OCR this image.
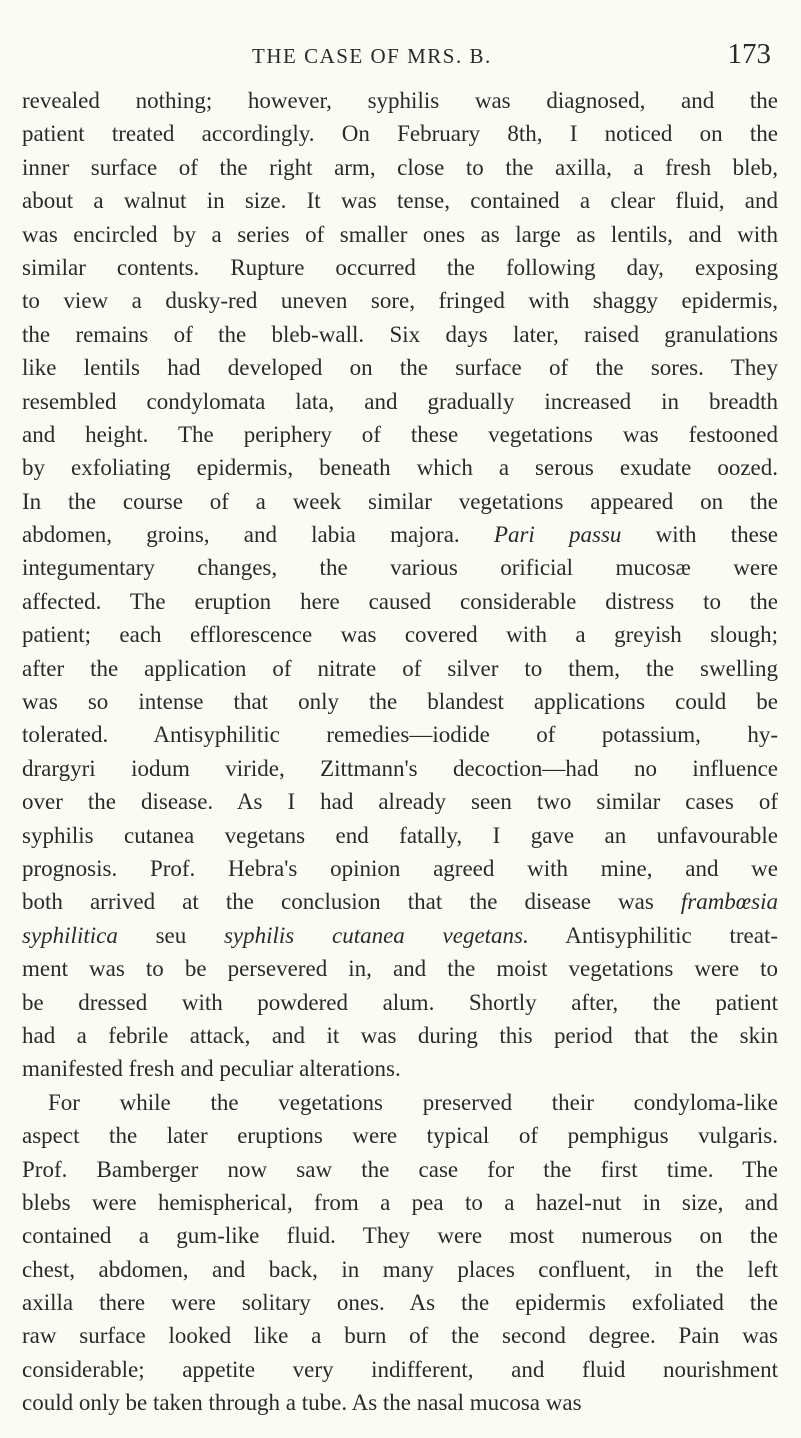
THE CASE OF MRS. B.	173
revealed nothing; however, syphilis was diagnosed, and the
patient treated accordingly. On February 8th, I noticed on the
inner surface of the right arm, close to the axilla, a fresh bleb,
about a walnut in size. It was tense, contained a clear fluid, and
was encircled by a series of smaller ones as large as lentils, and with
similar contents. Rupture occurred the following day, exposing
to view a dusky-red uneven sore, fringed with shaggy epidermis,
the remains of the bleb-wall. Six days later, raised granulations
like lentils had developed on the surface of the sores. They
resembled condylomata lata, and gradually increased in breadth
and height. The periphery of these vegetations was festooned
by exfoliating epidermis, beneath which a serous exudate oozed.
In the course of a week similar vegetations appeared on the
abdomen, groins, and labia majora. Pari passu with these
integumentary changes, the various orificial mucosæ were
affected. The eruption here caused considerable distress to the
patient; each efflorescence was covered with a greyish slough;
after the application of nitrate of silver to them, the swelling
was so intense that only the blandest applications could be
tolerated. Antisyphilitic remedies—iodide of potassium, hy-
drargyri iodum viride, Zittmann's decoction—had no influence
over the disease. As I had already seen two similar cases of
syphilis cutanea vegetans end fatally, I gave an unfavourable
prognosis. Prof. Hebra's opinion agreed with mine, and we
both arrived at the conclusion that the disease was frambœsia
syphilitica seu syphilis cutanea vegetans. Antisyphilitic treat-
ment was to be persevered in, and the moist vegetations were to
be dressed with powdered alum. Shortly after, the patient
had a febrile attack, and it was during this period that the skin
manifested fresh and peculiar alterations.
For while the vegetations preserved their condyloma-like
aspect the later eruptions were typical of pemphigus vulgaris.
Prof. Bamberger now saw the case for the first time. The
blebs were hemispherical, from a pea to a hazel-nut in size, and
contained a gum-like fluid. They were most numerous on the
chest, abdomen, and back, in many places confluent, in the left
axilla there were solitary ones. As the epidermis exfoliated the
raw surface looked like a burn of the second degree. Pain was
considerable; appetite very indifferent, and fluid nourishment
could only be taken through a tube. As the nasal mucosa was
